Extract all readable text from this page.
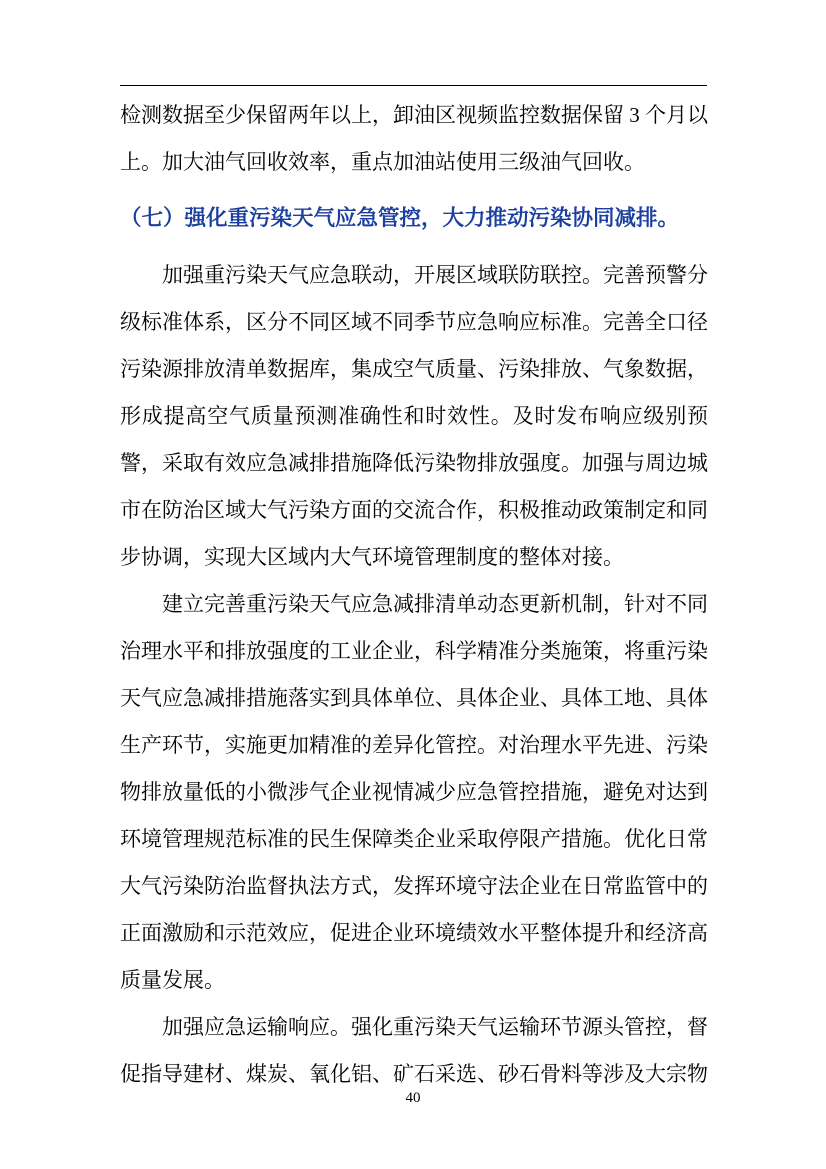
检测数据至少保留两年以上，卸油区视频监控数据保留 3 个月以上。加大油气回收效率，重点加油站使用三级油气回收。

（七）强化重污染天气应急管控，大力推动污染协同减排。

加强重污染天气应急联动，开展区域联防联控。完善预警分级标准体系，区分不同区域不同季节应急响应标准。完善全口径污染源排放清单数据库，集成空气质量、污染排放、气象数据，形成提高空气质量预测准确性和时效性。及时发布响应级别预警，采取有效应急减排措施降低污染物排放强度。加强与周边城市在防治区域大气污染方面的交流合作，积极推动政策制定和同步协调，实现大区域内大气环境管理制度的整体对接。

建立完善重污染天气应急减排清单动态更新机制，针对不同治理水平和排放强度的工业企业，科学精准分类施策，将重污染天气应急减排措施落实到具体单位、具体企业、具体工地、具体生产环节，实施更加精准的差异化管控。对治理水平先进、污染物排放量低的小微涉气企业视情减少应急管控措施，避免对达到环境管理规范标准的民生保障类企业采取停限产措施。优化日常大气污染防治监督执法方式，发挥环境守法企业在日常监管中的正面激励和示范效应，促进企业环境绩效水平整体提升和经济高质量发展。

加强应急运输响应。强化重污染天气运输环节源头管控，督促指导建材、煤炭、氧化铝、矿石采选、砂石骨料等涉及大宗物

40
